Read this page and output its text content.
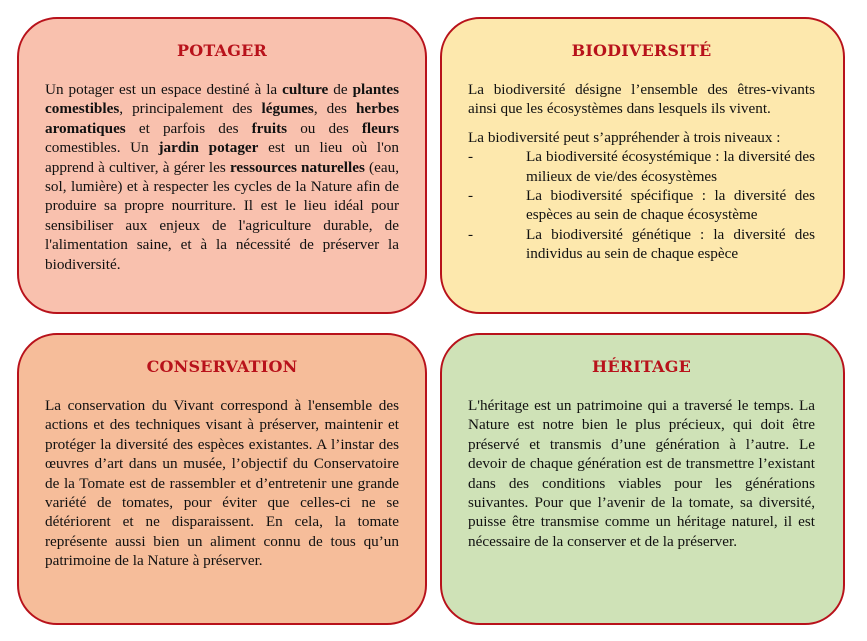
POTAGER

Un potager est un espace destiné à la culture de plantes comestibles, principalement des légumes, des herbes aromatiques et parfois des fruits ou des fleurs comestibles. Un jardin potager est un lieu où l'on apprend à cultiver, à gérer les ressources naturelles (eau, sol, lumière) et à respecter les cycles de la Nature afin de produire sa propre nourriture. Il est le lieu idéal pour sensibiliser aux enjeux de l'agriculture durable, de l'alimentation saine, et à la nécessité de préserver la biodiversité.

BIODIVERSITÉ

La biodiversité désigne l’ensemble des êtres-vivants ainsi que les écosystèmes dans lesquels ils vivent.

La biodiversité peut s’appréhender à trois niveaux :

-	La biodiversité écosystémique : la diversité des milieux de vie/des écosystèmes
-	La biodiversité spécifique : la diversité des espèces au sein de chaque écosystème
-	La biodiversité génétique : la diversité des individus au sein de chaque espèce
CONSERVATION

La conservation du Vivant correspond à l'ensemble des actions et des techniques visant à préserver, maintenir et protéger la diversité des espèces existantes. A l’instar des œuvres d’art dans un musée, l’objectif du Conservatoire de la Tomate est de rassembler et d’entretenir une grande variété de tomates, pour éviter que celles-ci ne se détériorent et ne disparaissent. En cela, la tomate représente aussi bien un aliment connu de tous qu’un patrimoine de la Nature à préserver.

HÉRITAGE

L'héritage est un patrimoine qui a traversé le temps. La Nature est notre bien le plus précieux, qui doit être préservé et transmis d’une génération à l’autre. Le devoir de chaque génération est de transmettre l’existant dans des conditions viables pour les générations suivantes. Pour que l’avenir de la tomate, sa diversité, puisse être transmise comme un héritage naturel, il est nécessaire de la conserver et de la préserver.
